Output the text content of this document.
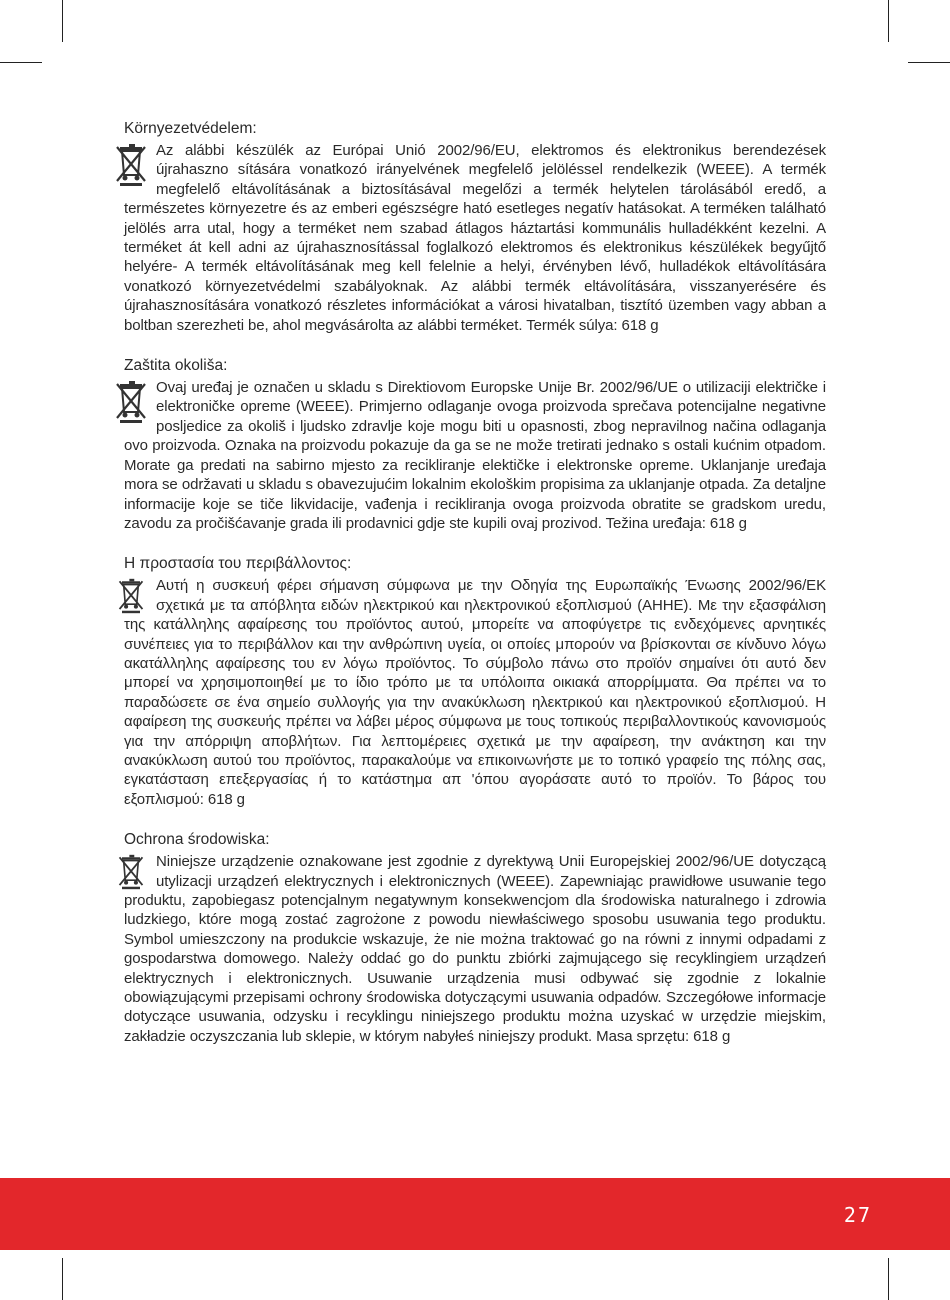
Környezetvédelem:
Az alábbi készülék az Európai Unió 2002/96/EU, elektromos és elektronikus berendezések újrahaszno sítására vonatkozó irányelvének megfelelő jelöléssel rendelkezik (WEEE). A termék megfelelő eltávolításának a biztosításával megelőzi a termék helytelen tárolásából eredő, a természetes környezetre és az emberi egészségre ható esetleges negatív hatásokat. A terméken található jelölés arra utal, hogy a terméket nem szabad átlagos háztartási kommunális hulladékként kezelni. A terméket át kell adni az újrahasznosítással foglalkozó elektromos és elektronikus készülékek begyűjtő helyére- A termék eltávolításának meg kell felelnie a helyi, érvényben lévő, hulladékok eltávolítására vonatkozó környezetvédelmi szabályoknak. Az alábbi termék eltávolítására, visszanyerésére és újrahasznosítására vonatkozó részletes információkat a városi hivatalban, tisztító üzemben vagy abban a boltban szerezheti be, ahol megvásárolta az alábbi terméket. Termék súlya: 618 g
Zaštita okoliša:
Ovaj uređaj je označen u skladu s Direktiovom Europske Unije Br. 2002/96/UE o utilizaciji električke i elektroničke opreme (WEEE). Primjerno odlaganje ovoga proizvoda sprečava potencijalne negativne posljedice za okoliš i ljudsko zdravlje koje mogu biti u opasnosti, zbog nepravilnog načina odlaganja ovo proizvoda. Oznaka na proizvodu pokazuje da ga se ne može tretirati jednako s ostali kućnim otpadom. Morate ga predati na sabirno mjesto za recikliranje elektičke i elektronske opreme. Uklanjanje uređaja mora se održavati u skladu s obavezujućim lokalnim ekološkim propisima za uklanjanje otpada. Za detaljne informacije koje se tiče likvidacije, vađenja i recikliranja ovoga proizvoda obratite se gradskom uredu, zavodu za pročišćavanje grada ili prodavnici gdje ste kupili ovaj prozivod. Težina uređaja: 618 g
Η προστασία του περιβάλλοντος:
Αυτή η συσκευή φέρει σήμανση σύμφωνα με την Οδηγία της Ευρωπαϊκής Ένωσης 2002/96/ΕΚ σχετικά με τα απόβλητα ειδών ηλεκτρικού και ηλεκτρονικού εξοπλισμού (ΑΗΗΕ). Με την εξασφάλιση της κατάλληλης αφαίρεσης του προϊόντος αυτού, μπορείτε να αποφύγετρε τις ενδεχόμενες αρνητικές συνέπειες για το περιβάλλον και την ανθρώπινη υγεία, οι οποίες μπορούν να βρίσκονται σε κίνδυνο λόγω ακατάλληλης αφαίρεσης του εν λόγω προϊόντος. Το σύμβολο πάνω στο προϊόν σημαίνει ότι αυτό δεν μπορεί να χρησιμοποιηθεί με το ίδιο τρόπο με τα υπόλοιπα οικιακά απορρίμματα. Θα πρέπει να το παραδώσετε σε ένα σημείο συλλογής για την ανακύκλωση ηλεκτρικού και ηλεκτρονικού εξοπλισμού. Η αφαίρεση της συσκευής πρέπει να λάβει μέρος σύμφωνα με τους τοπικούς περιβαλλοντικούς κανονισμούς για την απόρριψη αποβλήτων. Για λεπτομέρειες σχετικά με την αφαίρεση, την ανάκτηση και την ανακύκλωση αυτού του προϊόντος, παρακαλούμε να επικοινωνήστε με το τοπικό γραφείο της πόλης σας, εγκατάσταση επεξεργασίας ή το κατάστημα απ 'όπου αγοράσατε αυτό το προϊόν. Το βάρος του εξοπλισμού: 618 g
Ochrona środowiska:
Niniejsze urządzenie oznakowane jest zgodnie z dyrektywą Unii Europejskiej 2002/96/UE dotyczącą utylizacji urządzeń elektrycznych i elektronicznych (WEEE). Zapewniając prawidłowe usuwanie tego produktu, zapobiegasz potencjalnym negatywnym konsekwencjom dla środowiska naturalnego i zdrowia ludzkiego, które mogą zostać zagrożone z powodu niewłaściwego sposobu usuwania tego produktu. Symbol umieszczony na produkcie wskazuje, że nie można traktować go na równi z innymi odpadami z gospodarstwa domowego. Należy oddać go do punktu zbiórki zajmującego się recyklingiem urządzeń elektrycznych i elektronicznych. Usuwanie urządzenia musi odbywać się zgodnie z lokalnie obowiązującymi przepisami ochrony środowiska dotyczącymi usuwania odpadów. Szczegółowe informacje dotyczące usuwania, odzysku i recyklingu niniejszego produktu można uzyskać w urzędzie miejskim, zakładzie oczyszczania lub sklepie, w którym nabyłeś niniejszy produkt. Masa sprzętu: 618 g
27
